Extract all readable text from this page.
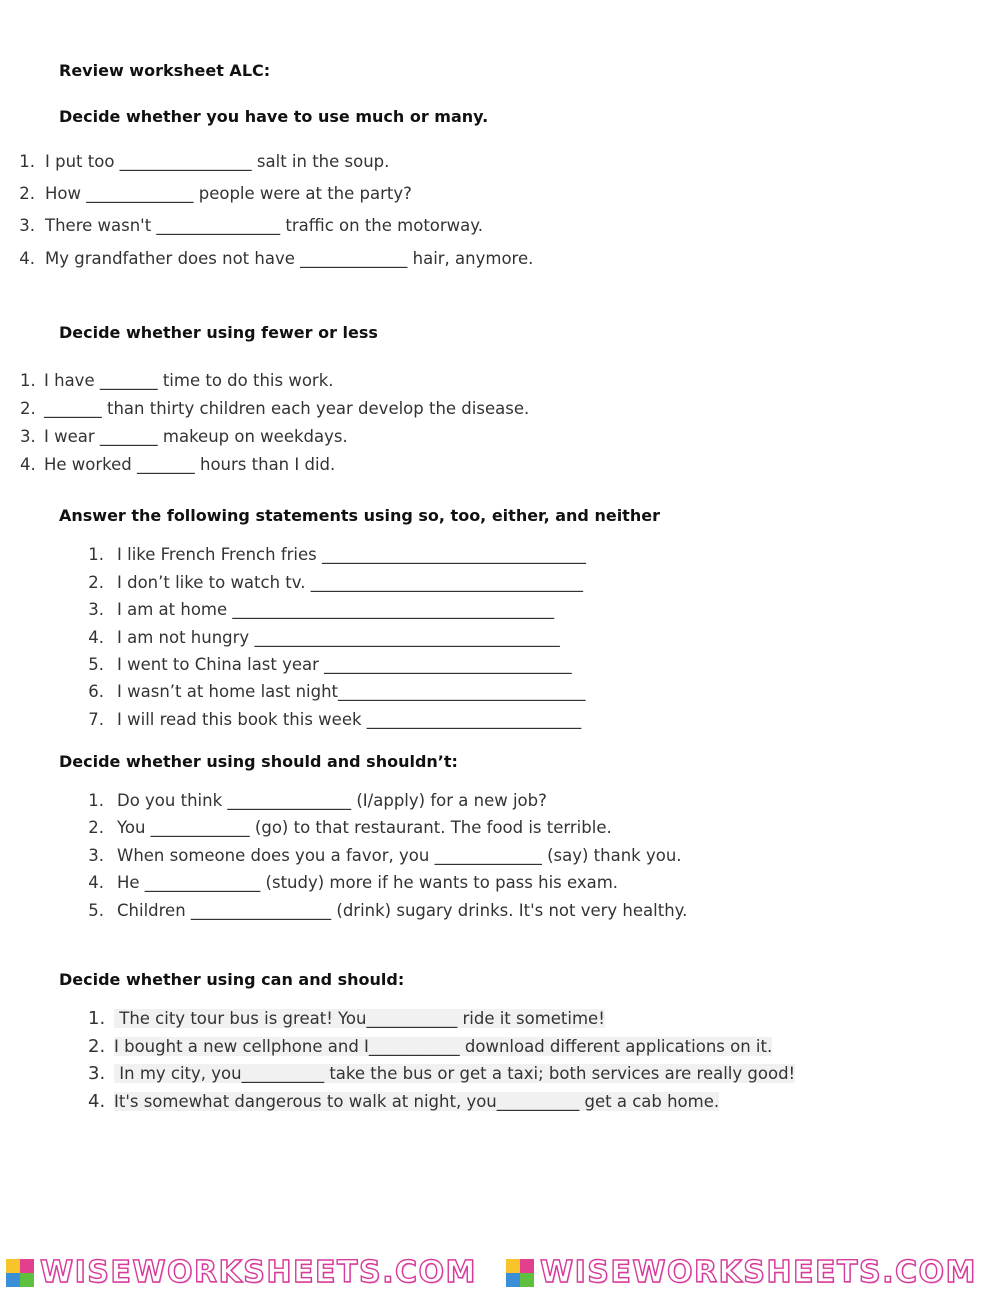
Review worksheet ALC:
Decide whether you have to use much or many.
1. I put too ________________ salt in the soup.
2. How _____________ people were at the party?
3. There wasn't _______________ traffic on the motorway.
4. My grandfather does not have _____________ hair, anymore.
Decide whether using fewer or less
1. I have _______ time to do this work.
2. _______ than thirty children each year develop the disease.
3. I wear _______ makeup on weekdays.
4. He worked _______ hours than I did.
Answer the following statements using so, too, either, and neither
1. I like French French fries ________________________________
2. I don’t like to watch tv. _________________________________
3. I am at home _______________________________________
4. I am not hungry _____________________________________
5. I went to China last year ______________________________
6. I wasn’t at home last night______________________________
7. I will read this book this week __________________________
Decide whether using should and shouldn’t:
1. Do you think _______________ (I/apply) for a new job?
2. You ____________ (go) to that restaurant. The food is terrible.
3. When someone does you a favor, you _____________ (say) thank you.
4. He ______________ (study) more if he wants to pass his exam.
5. Children _________________ (drink) sugary drinks. It's not very healthy.
Decide whether using can and should:
1. The city tour bus is great! You___________ ride it sometime!
2. I bought a new cellphone and I___________ download different applications on it.
3. In my city, you__________ take the bus or get a taxi; both services are really good!
4. It's somewhat dangerous to walk at night, you__________ get a cab home.
WISEWORKSHEETS.COM WISEWORKSHEETS.COM
